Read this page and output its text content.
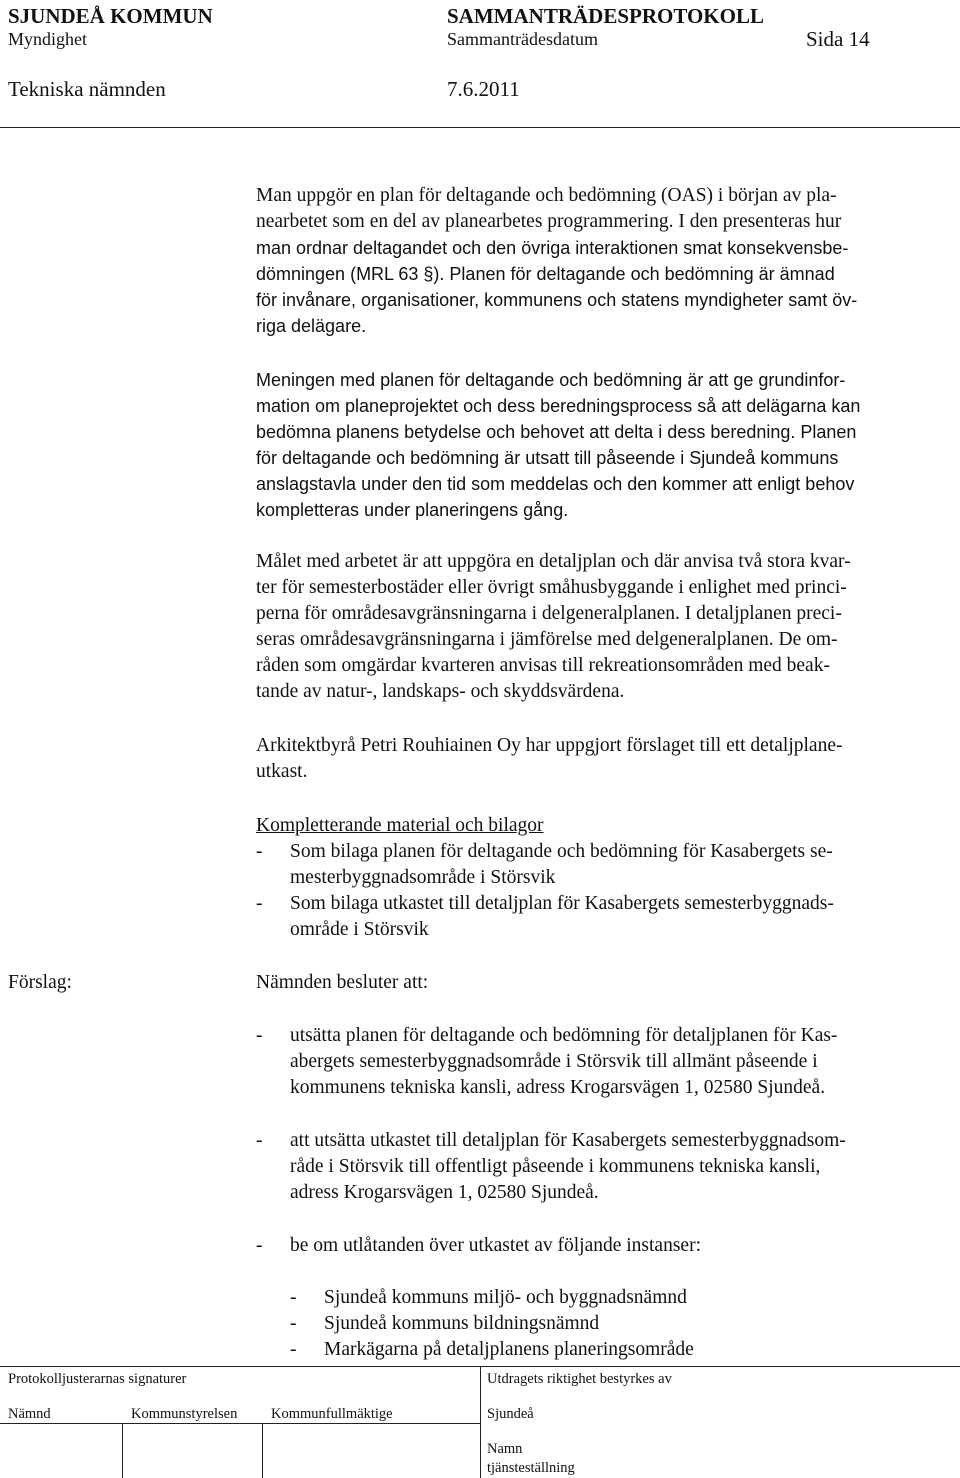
SJUNDEÅ KOMMUN	SAMMANTRÄDESPROTOKOLL
Myndighet	Sammanträdesdatum	Sida 14
Tekniska nämnden	7.6.2011

Man uppgör en plan för deltagande och bedömning (OAS) i början av pla-

nearbetet som en del av planearbetes programmering. I den presenteras hur

man ordnar deltagandet och den övriga interaktionen smat konsekvensbe-

dömningen (MRL 63 §). Planen för deltagande och bedömning är ämnad

för invånare, organisationer, kommunens och statens myndigheter samt öv-

riga delägare.

Meningen med planen för deltagande och bedömning är att ge grundinfor-

mation om planeprojektet och dess beredningsprocess så att delägarna kan

bedömna planens betydelse och behovet att delta i dess beredning. Planen

för deltagande och bedömning är utsatt till påseende i Sjundeå kommuns

anslagstavla under den tid som meddelas och den kommer att enligt behov

kompletteras under planeringens gång.

Målet med arbetet är att uppgöra en detaljplan och där anvisa två stora kvar-

ter för semesterbostäder eller övrigt småhusbyggande i enlighet med princi-

perna för områdesavgränsningarna i delgeneralplanen. I detaljplanen preci-

seras områdesavgränsningarna i jämförelse med delgeneralplanen. De om-

råden som omgärdar kvarteren anvisas till rekreationsområden med beak-

tande av natur-, landskaps- och skyddsvärdena.

Arkitektbyrå Petri Rouhiainen Oy har uppgjort förslaget till ett detaljplane-

utkast.

Kompletterande material och bilagor

- Som bilaga planen för deltagande och bedömning för Kasabergets se-

mesterbyggnadsområde i Störsvik

- Som bilaga utkastet till detaljplan för Kasabergets semesterbyggnads-

område i Störsvik

Förslag:	Nämnden besluter att:
- utsätta planen för deltagande och bedömning för detaljplanen för Kas-

abergets semesterbyggnadsområde i Störsvik till allmänt påseende i

kommunens tekniska kansli, adress Krogarsvägen 1, 02580 Sjundeå.

- att utsätta utkastet till detaljplan för Kasabergets semesterbyggnadsom-

råde i Störsvik till offentligt påseende i kommunens tekniska kansli,

adress Krogarsvägen 1, 02580 Sjundeå.

- be om utlåtanden över utkastet av följande instanser:

- Sjundeå kommuns miljö- och byggnadsnämnd

- Sjundeå kommuns bildningsnämnd

- Markägarna på detaljplanens planeringsområde

Protokolljusterarnas signaturer	Utdragets riktighet bestyrkes av
Nämnd	Kommunstyrelsen Kommunfullmäktige	Sjundeå
Namn
tjänsteställning
